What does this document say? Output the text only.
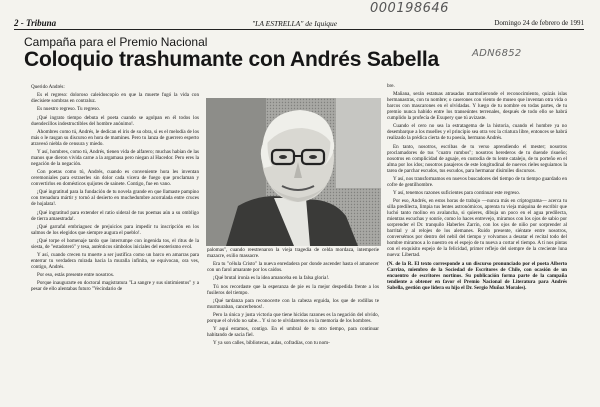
000198646
ADN6852
2 - Tribuna	"LA ESTRELLA" de Iquique	Domingo 24 de febrero de 1991
Campaña para el Premio Nacional
Coloquio trashumante con Andrés Sabella

Querido Andrés:

Es el regreso: doloroso caleidoscopio en que la muerte fugó la vida con diecisiete sombras en contraluz.

Es nuestro regreso. Tu regreso.

¡Qué ingrato tiempo debuta el poeta cuando se agolpan en él todos los duendecillos indestructibles del hombre anónimo!.

Ahombres como tú, Andrés, le dedican el iris de su obra, si es el melodía de los más o le rasgan su discurso en hora de mamines. Pero tu lanza de guerrero esperto atravesó niebla de censura y miedo.

Y así, hombres, como tú, Andrés, tienen vida de alfarero; muchas habían de las manos que dieron vivida carne a la argamasa pero niegan al Hacedor. Pero eres la negación de la negación.

Con poetas como tú, Andrés, cuando es conveniente hora les inventan ceremoniales para extraerles sin dolor cada vicera de fuego que proclaman y convertirlos en domésticos quijotes de sainete. Contigo, fue en vano.

¡Qué ingratitud para la fundación de tu novela grande en que llamaste pampino con trenadura mártir y tornó al desierto en muchedumbre acorralada entre cruces de hojalata!.

¡Qué ingratitud para extender el ratio sideral de tus poemas aún a su ombligo de tierra amaestrada!.

¡Qué garrafal embriaguez de prejuicios para impedir tu inscripción en los salmos de los elegidos que siempre augura el pueblo!.

¡Qué torpe el homenaje tardo que interrumpe con ingenida tos, el ritus de la siesta, de "estadoteró" y tesa, auténticos símbolos iniciales del esoterismo evol.

Y así, cuando crecen tu muerte a ser justifica como un barco en amarras para enterrar tu verdadera mirada hacia la muralla infinita, se equivocan, ora ves, contigo, Andrés.

Por eso, estás presente entre nosotros.

Porque inaugurarte en doctoral magistratura "La sangre y sus sintimientos" y a pesar de ello alentabas futuro "Vecindario de

palomas", cuando reestrenaron la vieja tragedia de celda mordaza, intemperie mazacre, exilio massacre.

Era tu "célula Cristo" la nueva enredadera por donde ascender hasta el amanecer con un farol amarante por los caídos.

¡Qué brutal ironía es la idea amanceba en la falsa gloria!.

Tú nos recordaste que la esperanza de pie es la mejor despedida frente a los fusileros del tiempo.

¡Qué tardanza para reconocerte con la cabeza erguida, los que de rodillas te murmuraban, cancerbenos!.

Pero la única y justa victoria que tiene hicidas razones es la negación del olvido, porque el olvido no sabe... Y si no te olvidaremos en la memoria de los hombres.

Y aquí estamos, contigo. En el umbral de tu otro tiempo, para continuar habitando de sacia fiel.

Y ya son calles, bibliotecas, aulas, cofradías, con tu nom-

bre.

Mañana, serán estatuas atrasadas marmolieronde el reconocimiento, quizás islas hermanastras, con tu nombre; o caserones con viento de museo que inventan otra vida o barcos con mascarones en el olvidadas. Y luego de tu nombre en todas partes, de tu premio nunca habido entre los transeúntes terrenales, después de todo ello se habrá cumplido la profecía de Exupery que tú avizaste.

Cuando el cero no sea la estratagema de la historia, cuando el hombre ya no desembarque a los muelles y el principio sea otra vez la criatura libre, entonces se habrá realizado la prédica cierta de tu poesía, hermano Andrés.

En tanto, nosotros, escribas de tu verso aprendiendo el mester; nosotros proclamadores de tus "cuatro rumbos"; nosotros herederos de tu duende risueño; nosotros en complicidad de aguaje, en custodia de tu lente catalejo, de tu porteño en el alma por los idos; nosotros pasajeros de este longitudinal de nuevos ríeles seguiamos la tarea de parchar escudos, tus escudos, para hermanar disímiles discursos.

Y así, nos transformamos en nuevos buscadores del tiempo de tu tiempo guardado en cofre de gentilhombre.

Y así, tenemos razones suficientes para continuar este regreso.

Por eso, Andrés, en estos horas de trabajo —nunca más en criptograma— acerca tu silla predilecta, limpia tus lentes astronómicos, aprenta tu vieja máquina de escribir que luchó tanto molino en avalancha, si quieres, dibuja un poco en el agua predilecta, mientras escuchas y sonríe, como lo haces entrevejo, miramos con los ojos de sabio por sorprender el Dr. tranquilo Haberles Zarrín, con los ojos de niño por sorprender al barrital y al relojes de los alemanes. Ruido presente, siéntate entre nosotros, conversémos por dentro del nebil del tiempo y volvamos a desatar el recital todo del hombre miramos a lo nuestro en el espejo de tu nueva a cortar el tiempo. A ti nos pintas con el exquisito espejo de la felicidad, primer reflejo del siempre de la creciente luna nueva: Libertad.

(N. de la R. El texto corresponde a un discurso pronunciado por el poeta Alberto Carrizo, miembro de la Sociedad de Escritores de Chile, con ocasión de un encuentro de escritores nortinos. Su publicación forma parte de la campaña tendiente a obtener en favor el Premio Nacional de Literatura para Andrés Sabella, gestión que lidera su hijo el Dr. Sergio Muñoz Morales).
